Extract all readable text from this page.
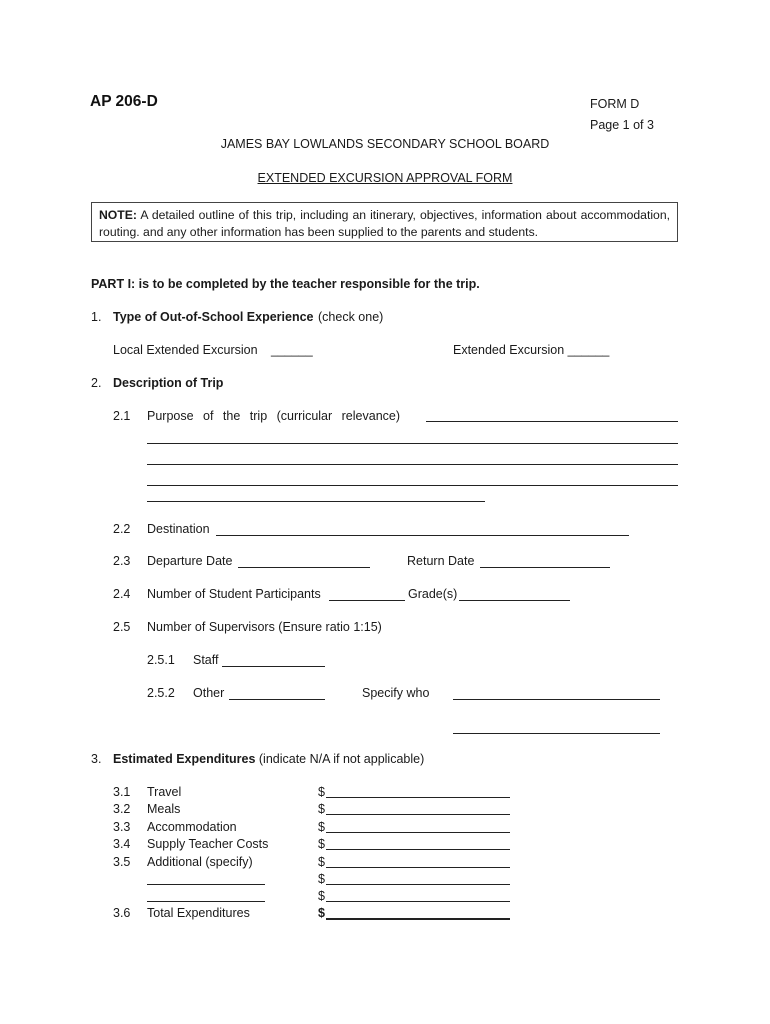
AP 206-D	FORM D
Page 1 of 3
JAMES BAY LOWLANDS SECONDARY SCHOOL BOARD
EXTENDED EXCURSION APPROVAL FORM
NOTE: A detailed outline of this trip, including an itinerary, objectives, information about accommodation, routing. and any other information has been supplied to the parents and students.
PART I: is to be completed by the teacher responsible for the trip.
1. Type of Out-of-School Experience (check one)
Local Extended Excursion ______	Extended Excursion ______
2. Description of Trip
2.1 Purpose of the trip (curricular relevance)
2.2 Destination
2.3 Departure Date	Return Date
2.4 Number of Student Participants	Grade(s)
2.5 Number of Supervisors (Ensure ratio 1:15)
2.5.1 Staff
2.5.2 Other	Specify who
3. Estimated Expenditures (indicate N/A if not applicable)
3.1 Travel	$
3.2 Meals	$
3.3 Accommodation	$
3.4 Supply Teacher Costs	$
3.5 Additional (specify)	$
$
$
3.6 Total Expenditures	$
